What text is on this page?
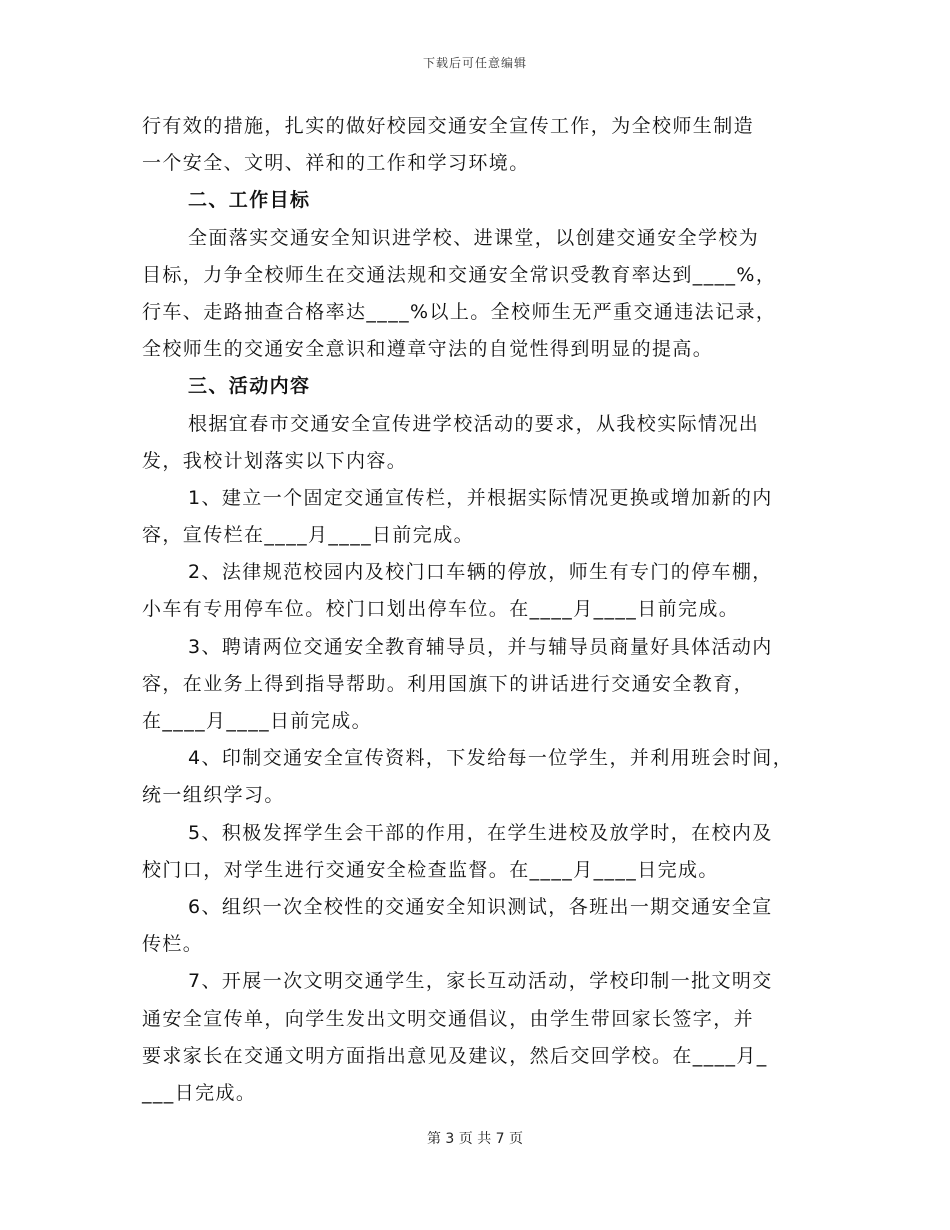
下载后可任意编辑
行有效的措施，扎实的做好校园交通安全宣传工作，为全校师生制造
一个安全、文明、祥和的工作和学习环境。
二、工作目标
全面落实交通安全知识进学校、进课堂，以创建交通安全学校为
目标，力争全校师生在交通法规和交通安全常识受教育率达到____%，
行车、走路抽查合格率达____%以上。全校师生无严重交通违法记录，
全校师生的交通安全意识和遵章守法的自觉性得到明显的提高。
三、活动内容
根据宜春市交通安全宣传进学校活动的要求，从我校实际情况出
发，我校计划落实以下内容。
1、建立一个固定交通宣传栏，并根据实际情况更换或增加新的内
容，宣传栏在____月____日前完成。
2、法律规范校园内及校门口车辆的停放，师生有专门的停车棚，
小车有专用停车位。校门口划出停车位。在____月____日前完成。
3、聘请两位交通安全教育辅导员，并与辅导员商量好具体活动内
容，在业务上得到指导帮助。利用国旗下的讲话进行交通安全教育，
在____月____日前完成。
4、印制交通安全宣传资料，下发给每一位学生，并利用班会时间，
统一组织学习。
5、积极发挥学生会干部的作用，在学生进校及放学时，在校内及
校门口，对学生进行交通安全检查监督。在____月____日完成。
6、组织一次全校性的交通安全知识测试，各班出一期交通安全宣
传栏。
7、开展一次文明交通学生，家长互动活动，学校印制一批文明交
通安全宣传单，向学生发出文明交通倡议，由学生带回家长签字，并
要求家长在交通文明方面指出意见及建议，然后交回学校。在____月_
___日完成。
第 3 页 共 7 页
